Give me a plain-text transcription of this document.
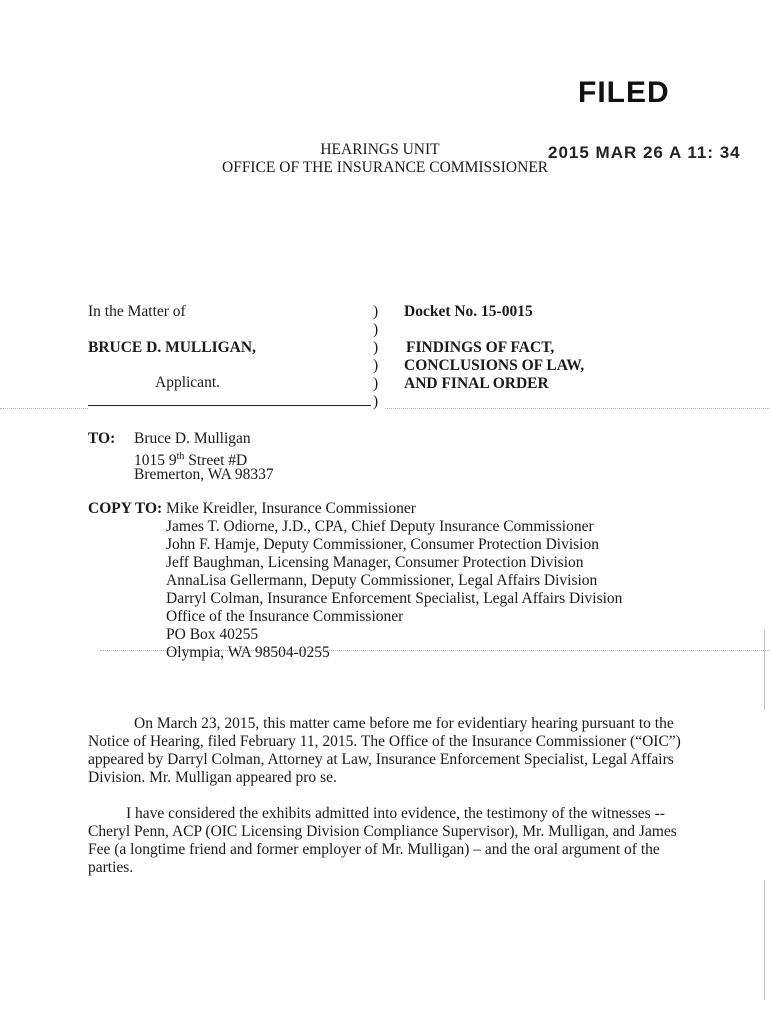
FILED
2015 MAR 26 A 11: 34
HEARINGS UNIT
OFFICE OF THE INSURANCE COMMISSIONER
In the Matter of
BRUCE D. MULLIGAN,
Applicant.
)
)
)
)
)
)
Docket No. 15-0015
FINDINGS OF FACT,
CONCLUSIONS OF LAW,
AND FINAL ORDER
TO: Bruce D. Mulligan
1015 9th Street #D
Bremerton, WA 98337
COPY TO: Mike Kreidler, Insurance Commissioner
James T. Odiorne, J.D., CPA, Chief Deputy Insurance Commissioner
John F. Hamje, Deputy Commissioner, Consumer Protection Division
Jeff Baughman, Licensing Manager, Consumer Protection Division
AnnaLisa Gellermann, Deputy Commissioner, Legal Affairs Division
Darryl Colman, Insurance Enforcement Specialist, Legal Affairs Division
Office of the Insurance Commissioner
PO Box 40255
Olympia, WA 98504-0255
On March 23, 2015, this matter came before me for evidentiary hearing pursuant to the
Notice of Hearing, filed February 11, 2015. The Office of the Insurance Commissioner (“OIC”)
appeared by Darryl Colman, Attorney at Law, Insurance Enforcement Specialist, Legal Affairs
Division. Mr. Mulligan appeared pro se.
I have considered the exhibits admitted into evidence, the testimony of the witnesses --
Cheryl Penn, ACP (OIC Licensing Division Compliance Supervisor), Mr. Mulligan, and James
Fee (a longtime friend and former employer of Mr. Mulligan) – and the oral argument of the
parties.
